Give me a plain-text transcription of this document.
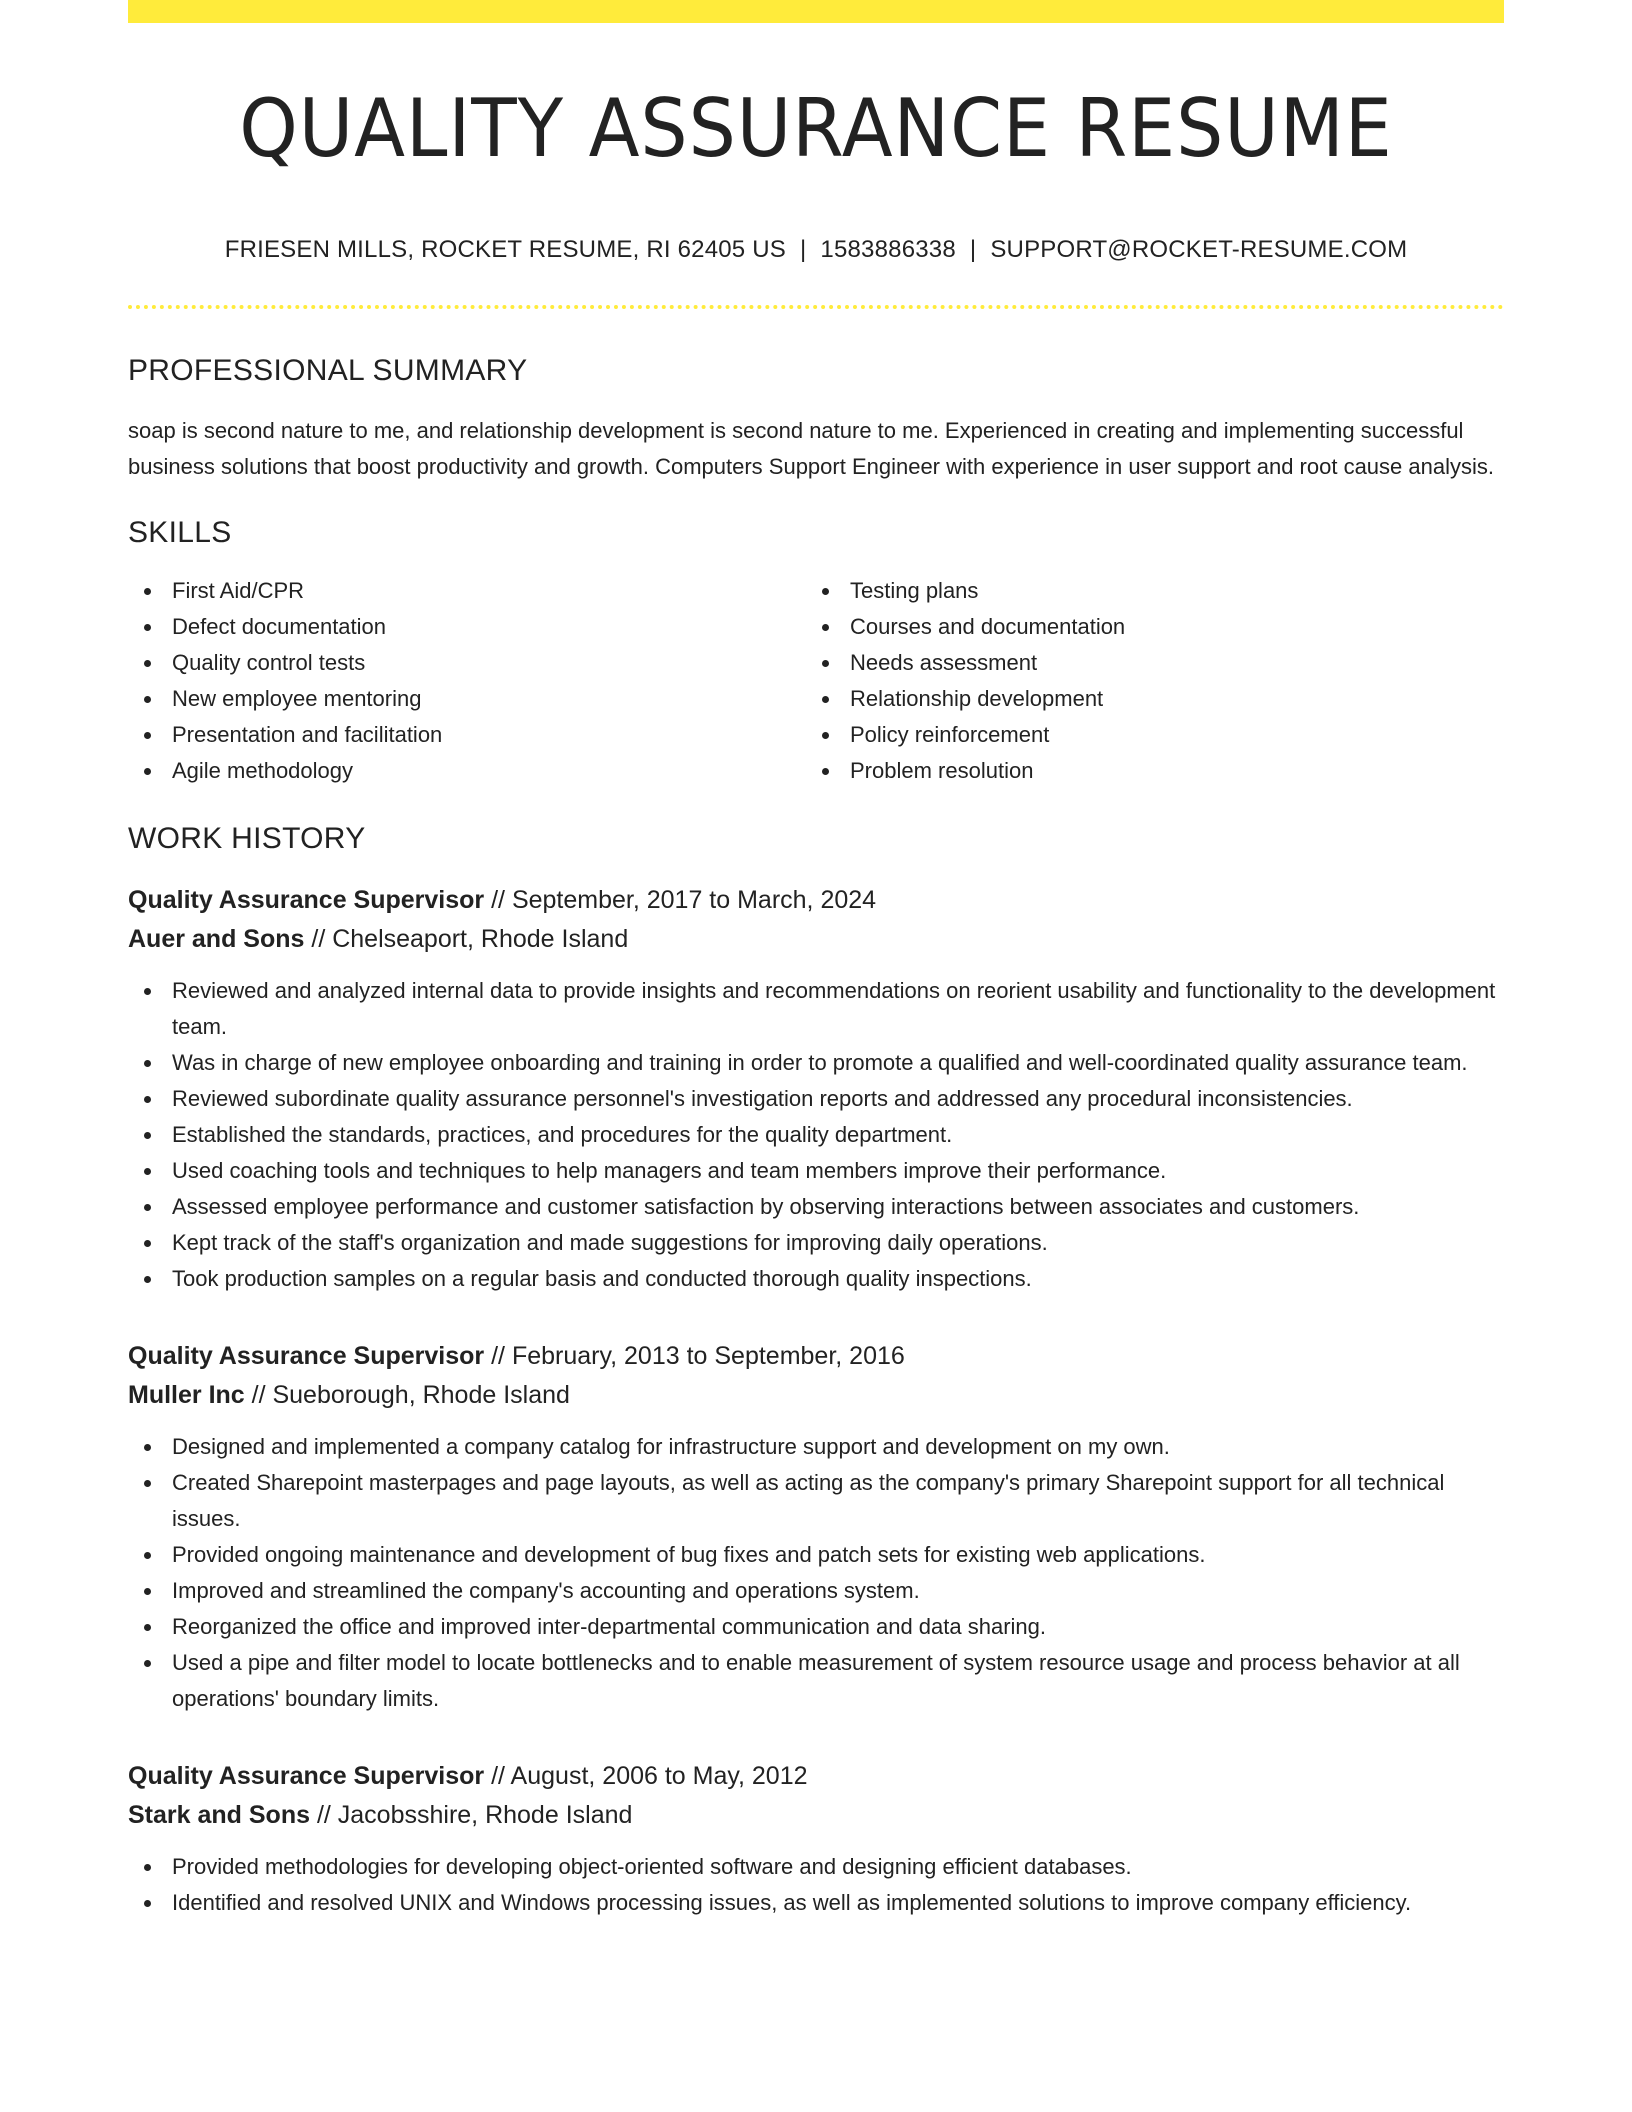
QUALITY ASSURANCE RESUME
FRIESEN MILLS, ROCKET RESUME, RI 62405 US | 1583886338 | SUPPORT@ROCKET-RESUME.COM
PROFESSIONAL SUMMARY
soap is second nature to me, and relationship development is second nature to me. Experienced in creating and implementing successful business solutions that boost productivity and growth. Computers Support Engineer with experience in user support and root cause analysis.
SKILLS
First Aid/CPR
Defect documentation
Quality control tests
New employee mentoring
Presentation and facilitation
Agile methodology
Testing plans
Courses and documentation
Needs assessment
Relationship development
Policy reinforcement
Problem resolution
WORK HISTORY
Quality Assurance Supervisor // September, 2017 to March, 2024
Auer and Sons // Chelseaport, Rhode Island
Reviewed and analyzed internal data to provide insights and recommendations on reorient usability and functionality to the development team.
Was in charge of new employee onboarding and training in order to promote a qualified and well-coordinated quality assurance team.
Reviewed subordinate quality assurance personnel's investigation reports and addressed any procedural inconsistencies.
Established the standards, practices, and procedures for the quality department.
Used coaching tools and techniques to help managers and team members improve their performance.
Assessed employee performance and customer satisfaction by observing interactions between associates and customers.
Kept track of the staff's organization and made suggestions for improving daily operations.
Took production samples on a regular basis and conducted thorough quality inspections.
Quality Assurance Supervisor // February, 2013 to September, 2016
Muller Inc // Sueborough, Rhode Island
Designed and implemented a company catalog for infrastructure support and development on my own.
Created Sharepoint masterpages and page layouts, as well as acting as the company's primary Sharepoint support for all technical issues.
Provided ongoing maintenance and development of bug fixes and patch sets for existing web applications.
Improved and streamlined the company's accounting and operations system.
Reorganized the office and improved inter-departmental communication and data sharing.
Used a pipe and filter model to locate bottlenecks and to enable measurement of system resource usage and process behavior at all operations' boundary limits.
Quality Assurance Supervisor // August, 2006 to May, 2012
Stark and Sons // Jacobsshire, Rhode Island
Provided methodologies for developing object-oriented software and designing efficient databases.
Identified and resolved UNIX and Windows processing issues, as well as implemented solutions to improve company efficiency.
